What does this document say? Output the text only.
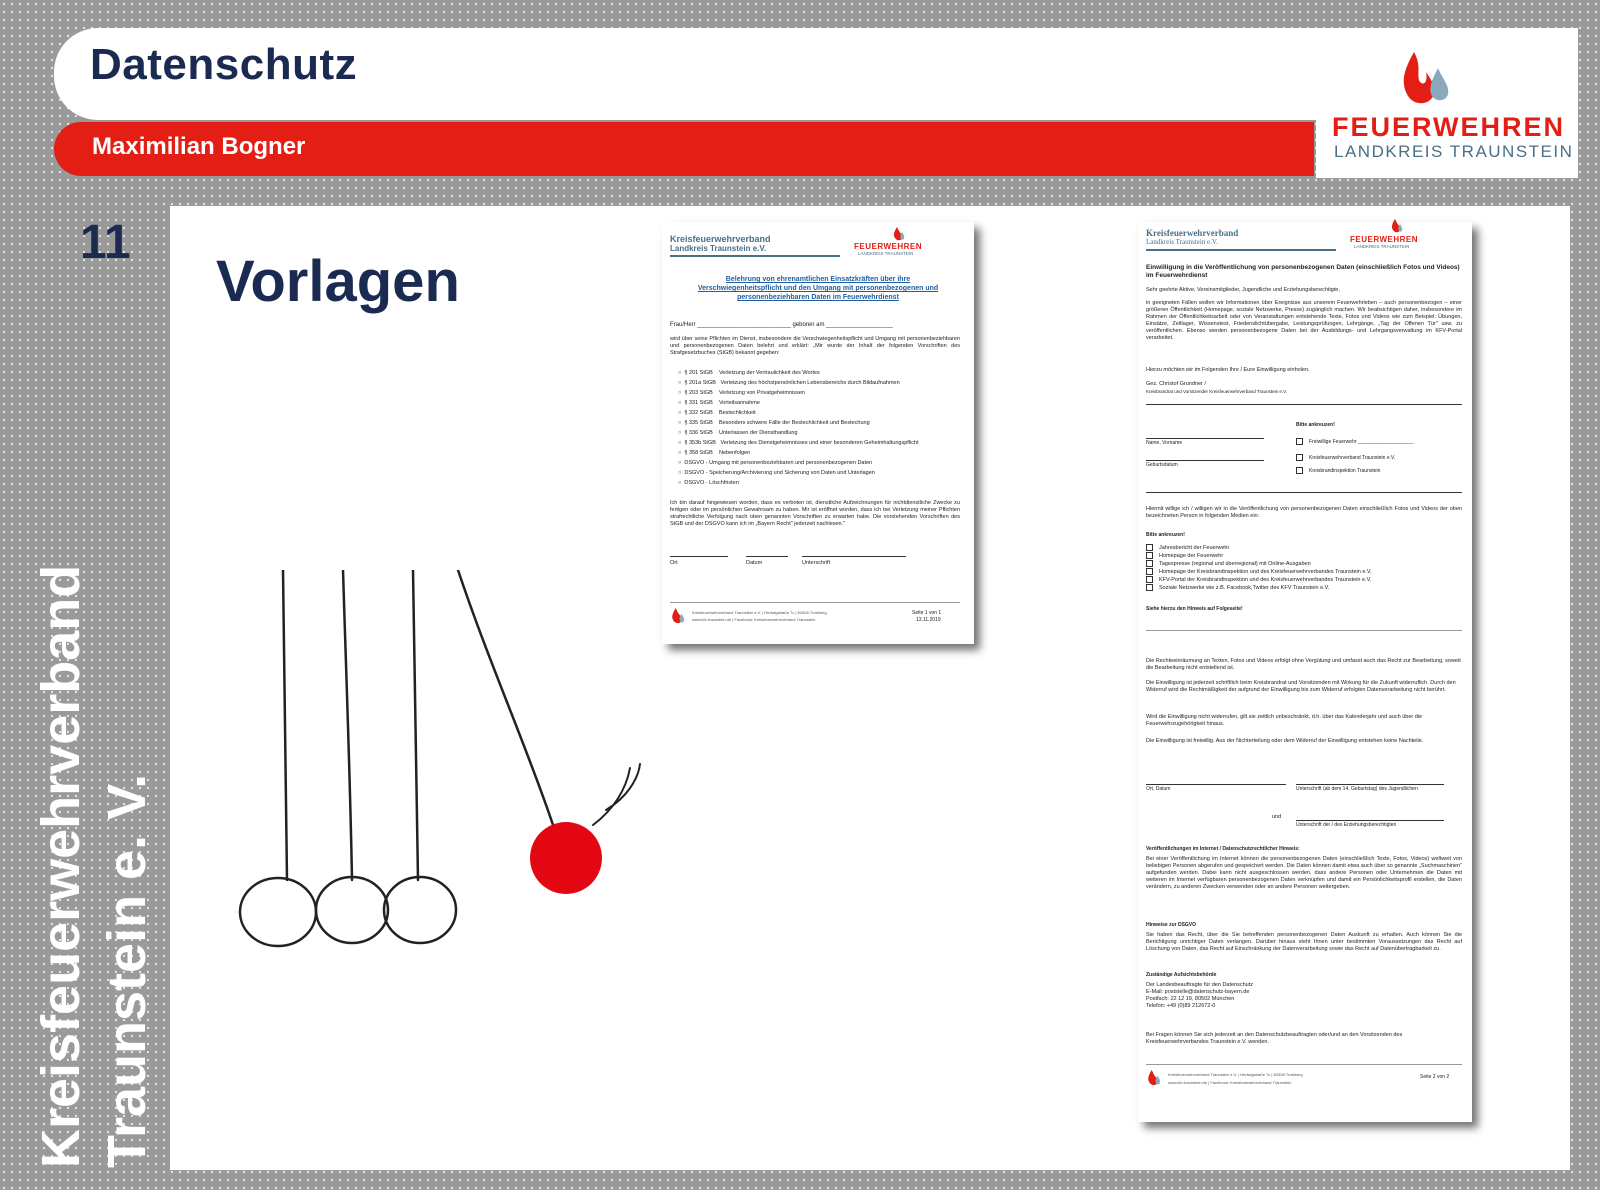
Datenschutz
Maximilian Bogner
FEUERWEHREN
LANDKREIS TRAUNSTEIN
11
Kreisfeuerwehrverband Traunstein e. V.
Vorlagen
Kreisfeuerwehrverband
Landkreis Traunstein e.V.	FEUERWEHREN
LANDKREIS TRAUNSTEIN
Belehrung von ehrenamtlichen Einsatzkräften über ihre
Verschwiegenheitspflicht und den Umgang mit personenbezogenen und
personenbeziehbaren Daten im Feuerwehrdienst
Frau/Herr ____________________________ geboren am ____________________
wird über seine Pflichten im Dienst, insbesondere die Verschwiegenheitspflicht und Umgang mit personenbeziehbaren und personenbezogenen Daten belehrt und erklärt: „Mir wurde der Inhalt der folgenden Vorschriften des Strafgesetzbuches (StGB) bekannt gegeben:
○  § 201 StGB    Verletzung der Vertraulichkeit des Wortes
○  § 201a StGB   Verletzung des höchstpersönlichen Lebensbereichs durch Bildaufnahmen
○  § 203 StGB    Verletzung von Privatgeheimnissen
○  § 331 StGB    Vorteilsannahme
○  § 332 StGB    Bestechlichkeit
○  § 335 StGB    Besonders schwere Fälle der Bestechlichkeit und Bestechung
○  § 336 StGB    Unterlassen der Diensthandlung
○  § 353b StGB   Verletzung des Dienstgeheimnisses und einer besonderen Geheimhaltungspflicht
○  § 358 StGB    Nebenfolgen
○  DSGVO - Umgang mit personenbeziehbaren und personenbezogenen Daten
○  DSGVO - Speicherung/Archivierung und Sicherung von Daten und Unterlagen
○  DSGVO - Löschfristen
Ich bin darauf hingewiesen worden, dass es verboten ist, dienstliche Aufzeichnungen für nichtdienstliche Zwecke zu fertigen oder im persönlichen Gewahrsam zu haben. Mir ist eröffnet worden, dass ich bei Verletzung meiner Pflichten strafrechtliche Verfolgung nach oben genannten Vorschriften zu erwarten habe. Die vorstehenden Vorschriften des StGB und der DSGVO kann ich im „Bayern Recht" jederzeit nachlesen."
Ort	Datum	Unterschrift
Kreisfeuerwehrverband Traunstein e.V. | Hedwigstraße 7c | 83308 Trostberg
www.kfv-traunstein.de | Facebook: Kreisfeuerwehrverband Traunstein
Seite 1 von 1
13.11.2019
Kreisfeuerwehrverband
Landkreis Traunstein e.V.	FEUERWEHREN
LANDKREIS TRAUNSTEIN
Einwilligung in die Veröffentlichung von personenbezogenen Daten (einschließlich Fotos und Videos) im Feuerwehrdienst
Sehr geehrte Aktive, Vereinsmitglieder, Jugendliche und Erziehungsberechtigte,
in geeigneten Fällen wollen wir Informationen über Ereignisse aus unserem Feuerwehrleben – auch personenbezogen – einer größeren Öffentlichkeit (Homepage, soziale Netzwerke, Presse) zugänglich machen. Wir beabsichtigen daher, insbesondere im Rahmen der Öffentlichkeitsarbeit oder von Veranstaltungen entstehende Texte, Fotos und Videos wie zum Beispiel: Übungen, Einsätze, Zeltlager, Wissenstest, Friedenslichtübergabe, Leistungsprüfungen, Lehrgänge, „Tag der Offenen Tür" usw. zu veröffentlichen. Ebenso werden personenbezogene Daten bei der Ausbildungs- und Lehrgangsverwaltung im KFV-Portal verarbeitet.
Hierzu möchten wir im Folgenden Ihre / Eure Einwilligung einholen.
Gez. Christof Grundner /
Kreisbrandrat und Vorsitzender Kreisfeuerwehrverband Traunstein e.V.
Bitte ankreuzen!
Name, Vorname
Geburtsdatum
Freiwillige Feuerwehr ____________________
Kreisfeuerwehrverband Traunstein e.V.
Kreisbrandinspektion Traunstein
Hiermit willige ich / willigen wir in die Veröffentlichung von personenbezogenen Daten einschließlich Fotos und Videos der oben bezeichneten Person in folgenden Medien ein:
Bitte ankreuzen!
Jahresbericht der Feuerwehr
Homepage der Feuerwehr
Tagespresse (regional und überregional) mit Online-Ausgaben
Homepage der Kreisbrandinspektion und des Kreisfeuerwehrverbandes Traunstein e.V.
KFV-Portal der Kreisbrandinspektion und des Kreisfeuerwehrverbandes Traunstein e.V.
Soziale Netzwerke wie z.B. Facebook,Twitter des KFV Traunstein e.V.
Siehe hierzu den Hinweis auf Folgeseite!
Die Rechteeinräumung an Texten, Fotos und Videos erfolgt ohne Vergütung und umfasst auch das Recht zur Bearbeitung, soweit die Bearbeitung nicht entstellend ist.
Die Einwilligung ist jederzeit schriftlich beim Kreisbrandrat und Vorsitzenden mit Wirkung für die Zukunft widerruflich. Durch den Widerruf wird die Rechtmäßigkeit der aufgrund der Einwilligung bis zum Widerruf erfolgten Datenverarbeitung nicht berührt.
Wird die Einwilligung nicht widerrufen, gilt sie zeitlich unbeschränkt, d.h. über das Kalenderjahr und auch über die Feuerwehrzugehörigkeit hinaus.
Die Einwilligung ist freiwillig. Aus der Nichterteilung oder dem Widerruf der Einwilligung entstehen keine Nachteile.
Ort, Datum	Unterschrift (ab dem 14. Geburtstag) des Jugendlichen
und
Unterschrift der / des Erziehungsberechtigten
Veröffentlichungen im Internet / Datenschutzrechtlicher Hinweis:
Bei einer Veröffentlichung im Internet können die personenbezogenen Daten (einschließlich Texte, Fotos, Videos) weltweit von beliebigen Personen abgerufen und gespeichert werden. Die Daten können damit etwa auch über so genannte „Suchmaschinen" aufgefunden werden. Dabei kann nicht ausgeschlossen werden, dass andere Personen oder Unternehmen die Daten mit weiteren im Internet verfügbaren personenbezogenen Daten verknüpfen und damit ein Persönlichkeitsprofil erstellen, die Daten verändern, zu anderen Zwecken verwenden oder an andere Personen weitergeben.
Hinweise zur DSGVO
Sie haben das Recht, über die Sie betreffenden personenbezogenen Daten Auskunft zu erhalten. Auch können Sie die Berichtigung unrichtiger Daten verlangen. Darüber hinaus steht Ihnen unter bestimmten Voraussetzungen das Recht auf Löschung von Daten, das Recht auf Einschränkung der Datenverarbeitung sowie das Recht auf Datenübertragbarkeit zu.
Zuständige Aufsichtsbehörde
Der Landesbeauftragte für den Datenschutz
E-Mail: poststelle@datenschutz-bayern.de
Postfach: 22 12 19, 80502 München
Telefon: +49 (0)89 212672-0
Bei Fragen können Sie sich jederzeit an den Datenschutzbeauftragten oder/und an den Vorsitzenden des Kreisfeuerwehrverbandes Traunstein e.V. wenden.
Kreisfeuerwehrverband Traunstein e.V. | Hedwigstraße 7c | 83308 Trostberg
www.kfv-traunstein.de | Facebook: Kreisfeuerwehrverband Traunstein
Seite 2 von 2
